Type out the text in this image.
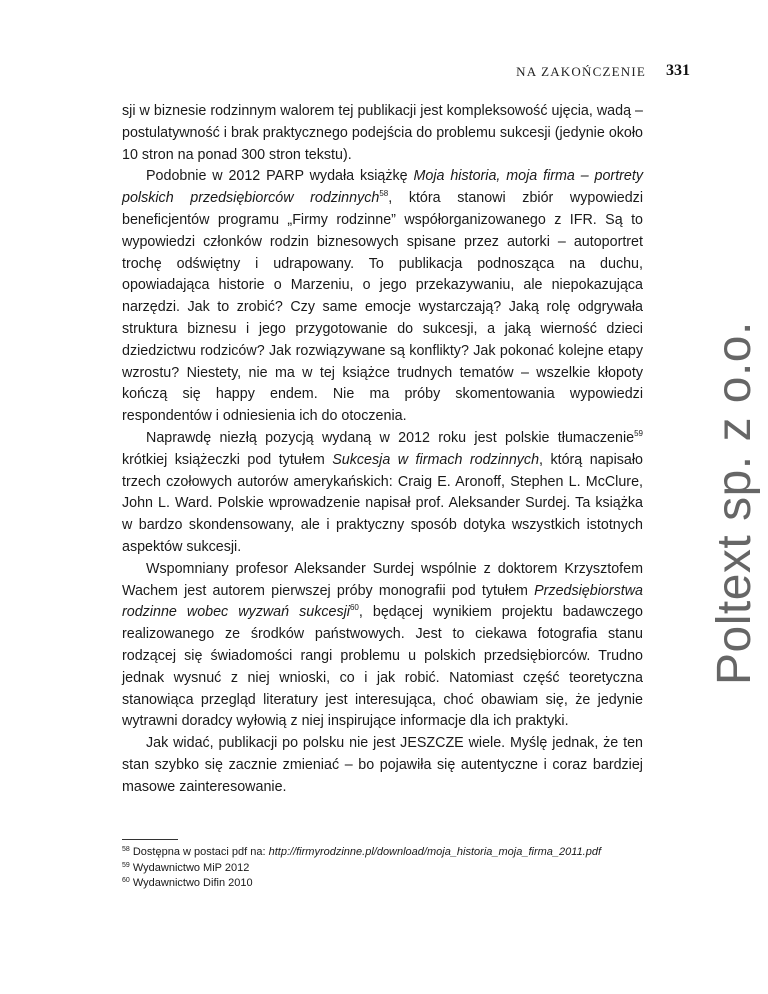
NA ZAKOŃCZENIE 331

sji w biznesie rodzinnym walorem tej publikacji jest kompleksowość ujęcia, wadą – postulatywność i brak praktycznego podejścia do problemu sukcesji (jedynie około 10 stron na ponad 300 stron tekstu).

Podobnie w 2012 PARP wydała książkę Moja historia, moja firma – portrety polskich przedsiębiorców rodzinnych$^{58}$, która stanowi zbiór wypowiedzi beneficjentów programu „Firmy rodzinne” współorganizowanego z IFR. Są to wypowiedzi członków rodzin biznesowych spisane przez autorki – autoportret trochę odświętny i udrapowany. To publikacja podnosząca na duchu, opowiadająca historie o Marzeniu, o jego przekazywaniu, ale niepokazująca narzędzi. Jak to zrobić? Czy same emocje wystarczają? Jaką rolę odgrywała struktura biznesu i jego przygotowanie do sukcesji, a jaką wierność dzieci dziedzictwu rodziców? Jak rozwiązywane są konflikty? Jak pokonać kolejne etapy wzrostu? Niestety, nie ma w tej książce trudnych tematów – wszelkie kłopoty kończą się happy endem. Nie ma próby skomentowania wypowiedzi respondentów i odniesienia ich do otoczenia.

Naprawdę niezłą pozycją wydaną w 2012 roku jest polskie tłumaczenie$^{59}$ krótkiej książeczki pod tytułem Sukcesja w firmach rodzinnych, którą napisało trzech czołowych autorów amerykańskich: Craig E. Aronoff, Stephen L. McClure, John L. Ward. Polskie wprowadzenie napisał prof. Aleksander Surdej. Ta książka w bardzo skondensowany, ale i praktyczny sposób dotyka wszystkich istotnych aspektów sukcesji.

Wspomniany profesor Aleksander Surdej wspólnie z doktorem Krzysztofem Wachem jest autorem pierwszej próby monografii pod tytułem Przedsiębiorstwa rodzinne wobec wyzwań sukcesji$^{60}$, będącej wynikiem projektu badawczego realizowanego ze środków państwowych. Jest to ciekawa fotografia stanu rodzącej się świadomości rangi problemu u polskich przedsiębiorców. Trudno jednak wysnuć z niej wnioski, co i jak robić. Natomiast część teoretyczna stanowiąca przegląd literatury jest interesująca, choć obawiam się, że jedynie wytrawni doradcy wyłowią z niej inspirujące informacje dla ich praktyki.

Jak widać, publikacji po polsku nie jest JESZCZE wiele. Myślę jednak, że ten stan szybko się zacznie zmieniać – bo pojawiła się autentyczne i coraz bardziej masowe zainteresowanie.

$^{58}$ Dostępna w postaci pdf na: http://firmyrodzinne.pl/download/moja_historia_moja_firma_2011.pdf
$^{59}$ Wydawnictwo MiP 2012
$^{60}$ Wydawnictwo Difin 2010
Poltext sp. z o.o.
